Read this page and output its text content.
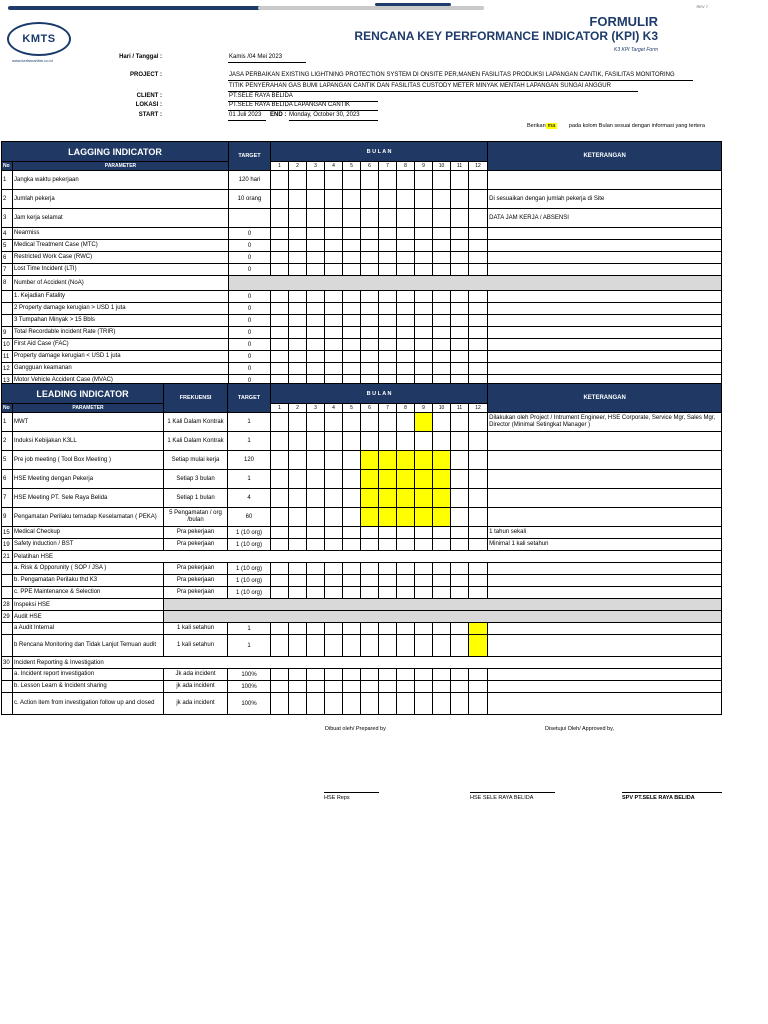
REV 7
KMTS
www.kerismaritim.co.id
FORMULIR
RENCANA KEY PERFORMANCE INDICATOR (KPI) K3
K3 KPI Target Form
Hari / Tanggal :	Kamis /04 Mei 2023
PROJECT :	JASA PERBAIKAN EXISTING LIGHTNING PROTECTION SYSTEM DI ONSITE PER,MANEN FASILITAS PRODUKSI LAPANGAN CANTIK, FASILITAS MONITORING
TITIK PENYERAHAN GAS BUMI LAPANGAN CANTIK DAN FASILITAS CUSTODY METER MINYAK MENTAH LAPANGAN SUNGAI ANGGUR
CLIENT :	PT.SELE RAYA BELIDA
LOKASI :	PT.SELE RAYA BELIDA LAPANGAN CANTIK
START :	01 Juli 2023 END : Monday, October 30, 2023
Berikan ma pada kolom Bulan sesuai dengan informasi yang tertera
LAGGING INDICATOR		TARGET	B U L A N												KETERANGAN
No	PARAMETER		1	2	3	4	5	6	7	8	9	10	11	12	
1	Jangka waktu pekerjaan	120 hari													
2	Jumlah pekerja	10 orang													Di sesuaikan dengan jumlah pekerja di Site
3	Jam kerja selamat														DATA JAM KERJA / ABSENSI
4	Nearmiss	0													
5	Medical Treatment Case (MTC)	0													
6	Restricted Work Case (RWC)	0													
7	Lost Time Incident (LTI)	0													
8	Number of Accident (NoA)														
	1. Kejadian Fatality	0													
	2 Property damage kerugian > USD 1 juta	0													
	3 Tumpahan Minyak > 15 Bbls	0													
9	Total Recordable incident Rate (TRIR)	0													
10	First Aid Case (FAC)	0													
11	Property damage kerugian < USD 1 juta	0													
12	Gangguan keamanan	0													
13	Motor Vehicle Accident Case (MVAC)	0													
LEADING INDICATOR		FREKUENSI	TARGET	B U L A N												KETERANGAN
No	PARAMETER			1	2	3	4	5	6	7	8	9	10	11	12	
1	MWT	1 Kali Dalam Kontrak	1													Dilakukan oleh Project / Intrument Engineer, HSE Corporate, Service Mgr, Sales Mgr, Director (Minimal Setingkat Manager )
2	Induksi Kebijakan K3LL	1 Kali Dalam Kontrak	1													
5	Pre job meeting ( Tool Box Meeting )	Setiap mulai kerja	120													
6	HSE Meeting dengan Pekerja	Setiap 3 bulan	1													
7	HSE Meeting PT. Sele Raya Belida	Setiap 1 bulan	4													
9	Pengamatan Perilaku ternadap Keselamatan ( PEKA)	5 Pengamatan / org /bulan	60													
15	Medical Checkup	Pra pekerjaan	1 (10 org)													1 tahun sekali
19	Safety induction / BST	Pra pekerjaan	1 (10 org)													Minimal 1 kali setahun
21	Pelatihan HSE															
	a. Risk & Opporunity ( SOP / JSA )	Pra pekerjaan	1 (10 org)													
	b. Pengamatan Perilaku thd K3	Pra pekerjaan	1 (10 org)													
	c. PPE Maintenance & Selection	Pra pekerjaan	1 (10 org)													
28	Inspeksi HSE															
29	Audit HSE															
	a Audit Internal	1 kali setahun	1													
	b Rencana Monitoring dan Tidak Lanjut Temuan audit	1 kali setahun	1													
30	Incident Reporting & Investigation															
	a. Incident report investigation	Jk ada incident	100%													
	b. Lesson Learn & Incident sharing	jk ada incident	100%													
	c. Action item from investigation follow up and closed	jk ada incident	100%													
Dibuat oleh/ Prepared by	Disetujui Oleh/ Approved by,
HSE Reps	HSE SELE RAYA BELIDA	SPV PT.SELE RAYA BELIDA
